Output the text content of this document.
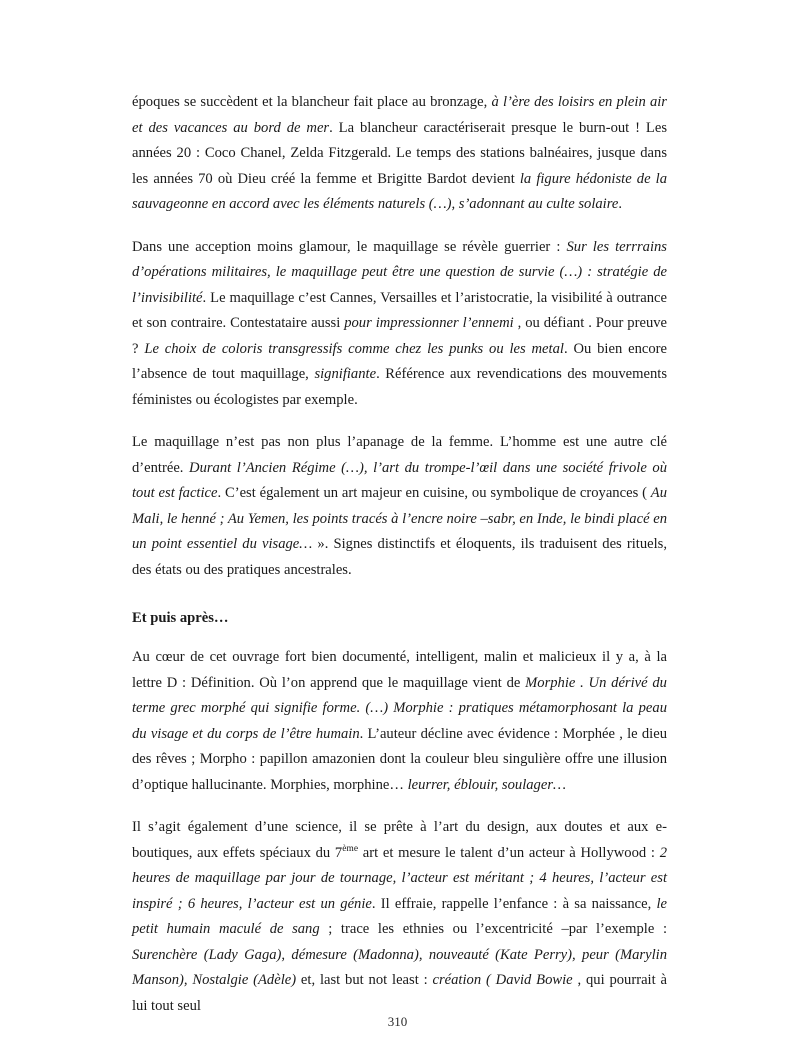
époques se succèdent et la blancheur fait place au bronzage, à l’ère des loisirs en plein air et des vacances au bord de mer. La blancheur caractériserait presque le burn-out ! Les années 20 : Coco Chanel, Zelda Fitzgerald. Le temps des stations balnéaires, jusque dans les années 70 où Dieu créé la femme et Brigitte Bardot devient la figure hédoniste de la sauvageonne en accord avec les éléments naturels (…), s’adonnant au culte solaire.

Dans une acception moins glamour, le maquillage se révèle guerrier : Sur les terrrains d’opérations militaires, le maquillage peut être une question de survie (…) : stratégie de l’invisibilité. Le maquillage c’est Cannes, Versailles et l’aristocratie, la visibilité à outrance et son contraire. Contestataire aussi pour impressionner l’ennemi , ou défiant . Pour preuve ? Le choix de coloris transgressifs comme chez les punks ou les metal. Ou bien encore l’absence de tout maquillage, signifiante. Référence aux revendications des mouvements féministes ou écologistes par exemple.

Le maquillage n’est pas non plus l’apanage de la femme. L’homme est une autre clé d’entrée. Durant l’Ancien Régime (…), l’art du trompe-l’œil dans une société frivole où tout est factice. C’est également un art majeur en cuisine, ou symbolique de croyances ( Au Mali, le henné ; Au Yemen, les points tracés à l’encre noire –sabr, en Inde, le bindi placé en un point essentiel du visage… ». Signes distinctifs et éloquents, ils traduisent des rituels, des états ou des pratiques ancestrales.

Et puis après…

Au cœur de cet ouvrage fort bien documenté, intelligent, malin et malicieux il y a, à la lettre D : Définition. Où l’on apprend que le maquillage vient de Morphie . Un dérivé du terme grec morphé qui signifie forme. (…) Morphie : pratiques métamorphosant la peau du visage et du corps de l’être humain. L’auteur décline avec évidence : Morphée , le dieu des rêves ; Morpho : papillon amazonien dont la couleur bleu singulière offre une illusion d’optique hallucinante. Morphies, morphine… leurrer, éblouir, soulager…

Il s’agit également d’une science, il se prête à l’art du design, aux doutes et aux e-boutiques, aux effets spéciaux du 7ème art et mesure le talent d’un acteur à Hollywood : 2 heures de maquillage par jour de tournage, l’acteur est méritant ; 4 heures, l’acteur est inspiré ; 6 heures, l’acteur est un génie. Il effraie, rappelle l’enfance : à sa naissance, le petit humain maculé de sang ; trace les ethnies ou l’excentricité –par l’exemple : Surenchère (Lady Gaga), démesure (Madonna), nouveauté (Kate Perry), peur (Marylin Manson), Nostalgie (Adèle) et, last but not least : création ( David Bowie , qui pourrait à lui tout seul

310
